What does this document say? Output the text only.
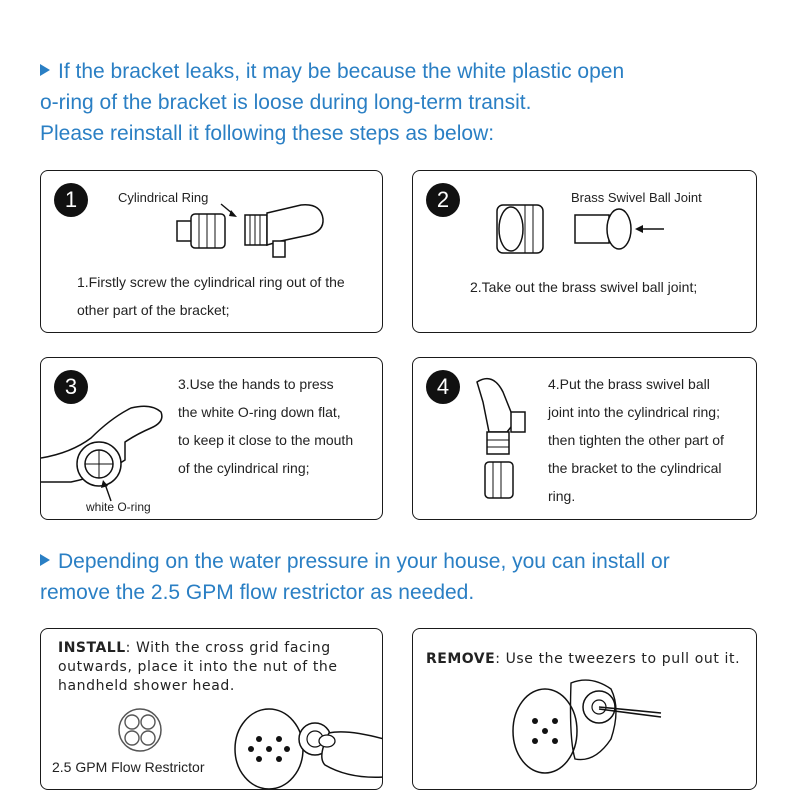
If the bracket leaks, it may be because the white plastic open
o-ring of the bracket is loose during long-term transit.
Please reinstall it following these steps as below:
1	Cylindrical Ring
1.Firstly screw the cylindrical ring out of the
other part of the bracket;
2	Brass Swivel Ball Joint
2.Take out the brass swivel ball joint;
3
white O-ring
3.Use the hands to press
the white O-ring down flat,
to keep it close to the mouth
of the cylindrical ring;
4	4.Put the brass swivel ball
joint into the cylindrical ring;
then tighten the other part of
the bracket to the cylindrical
ring.
Depending on the water pressure in your house, you can install or
remove the 2.5 GPM flow restrictor as needed.
INSTALL: With the cross grid facing
outwards, place it into the nut of the
handheld shower head.
2.5 GPM Flow Restrictor
REMOVE: Use the tweezers to pull out it.
